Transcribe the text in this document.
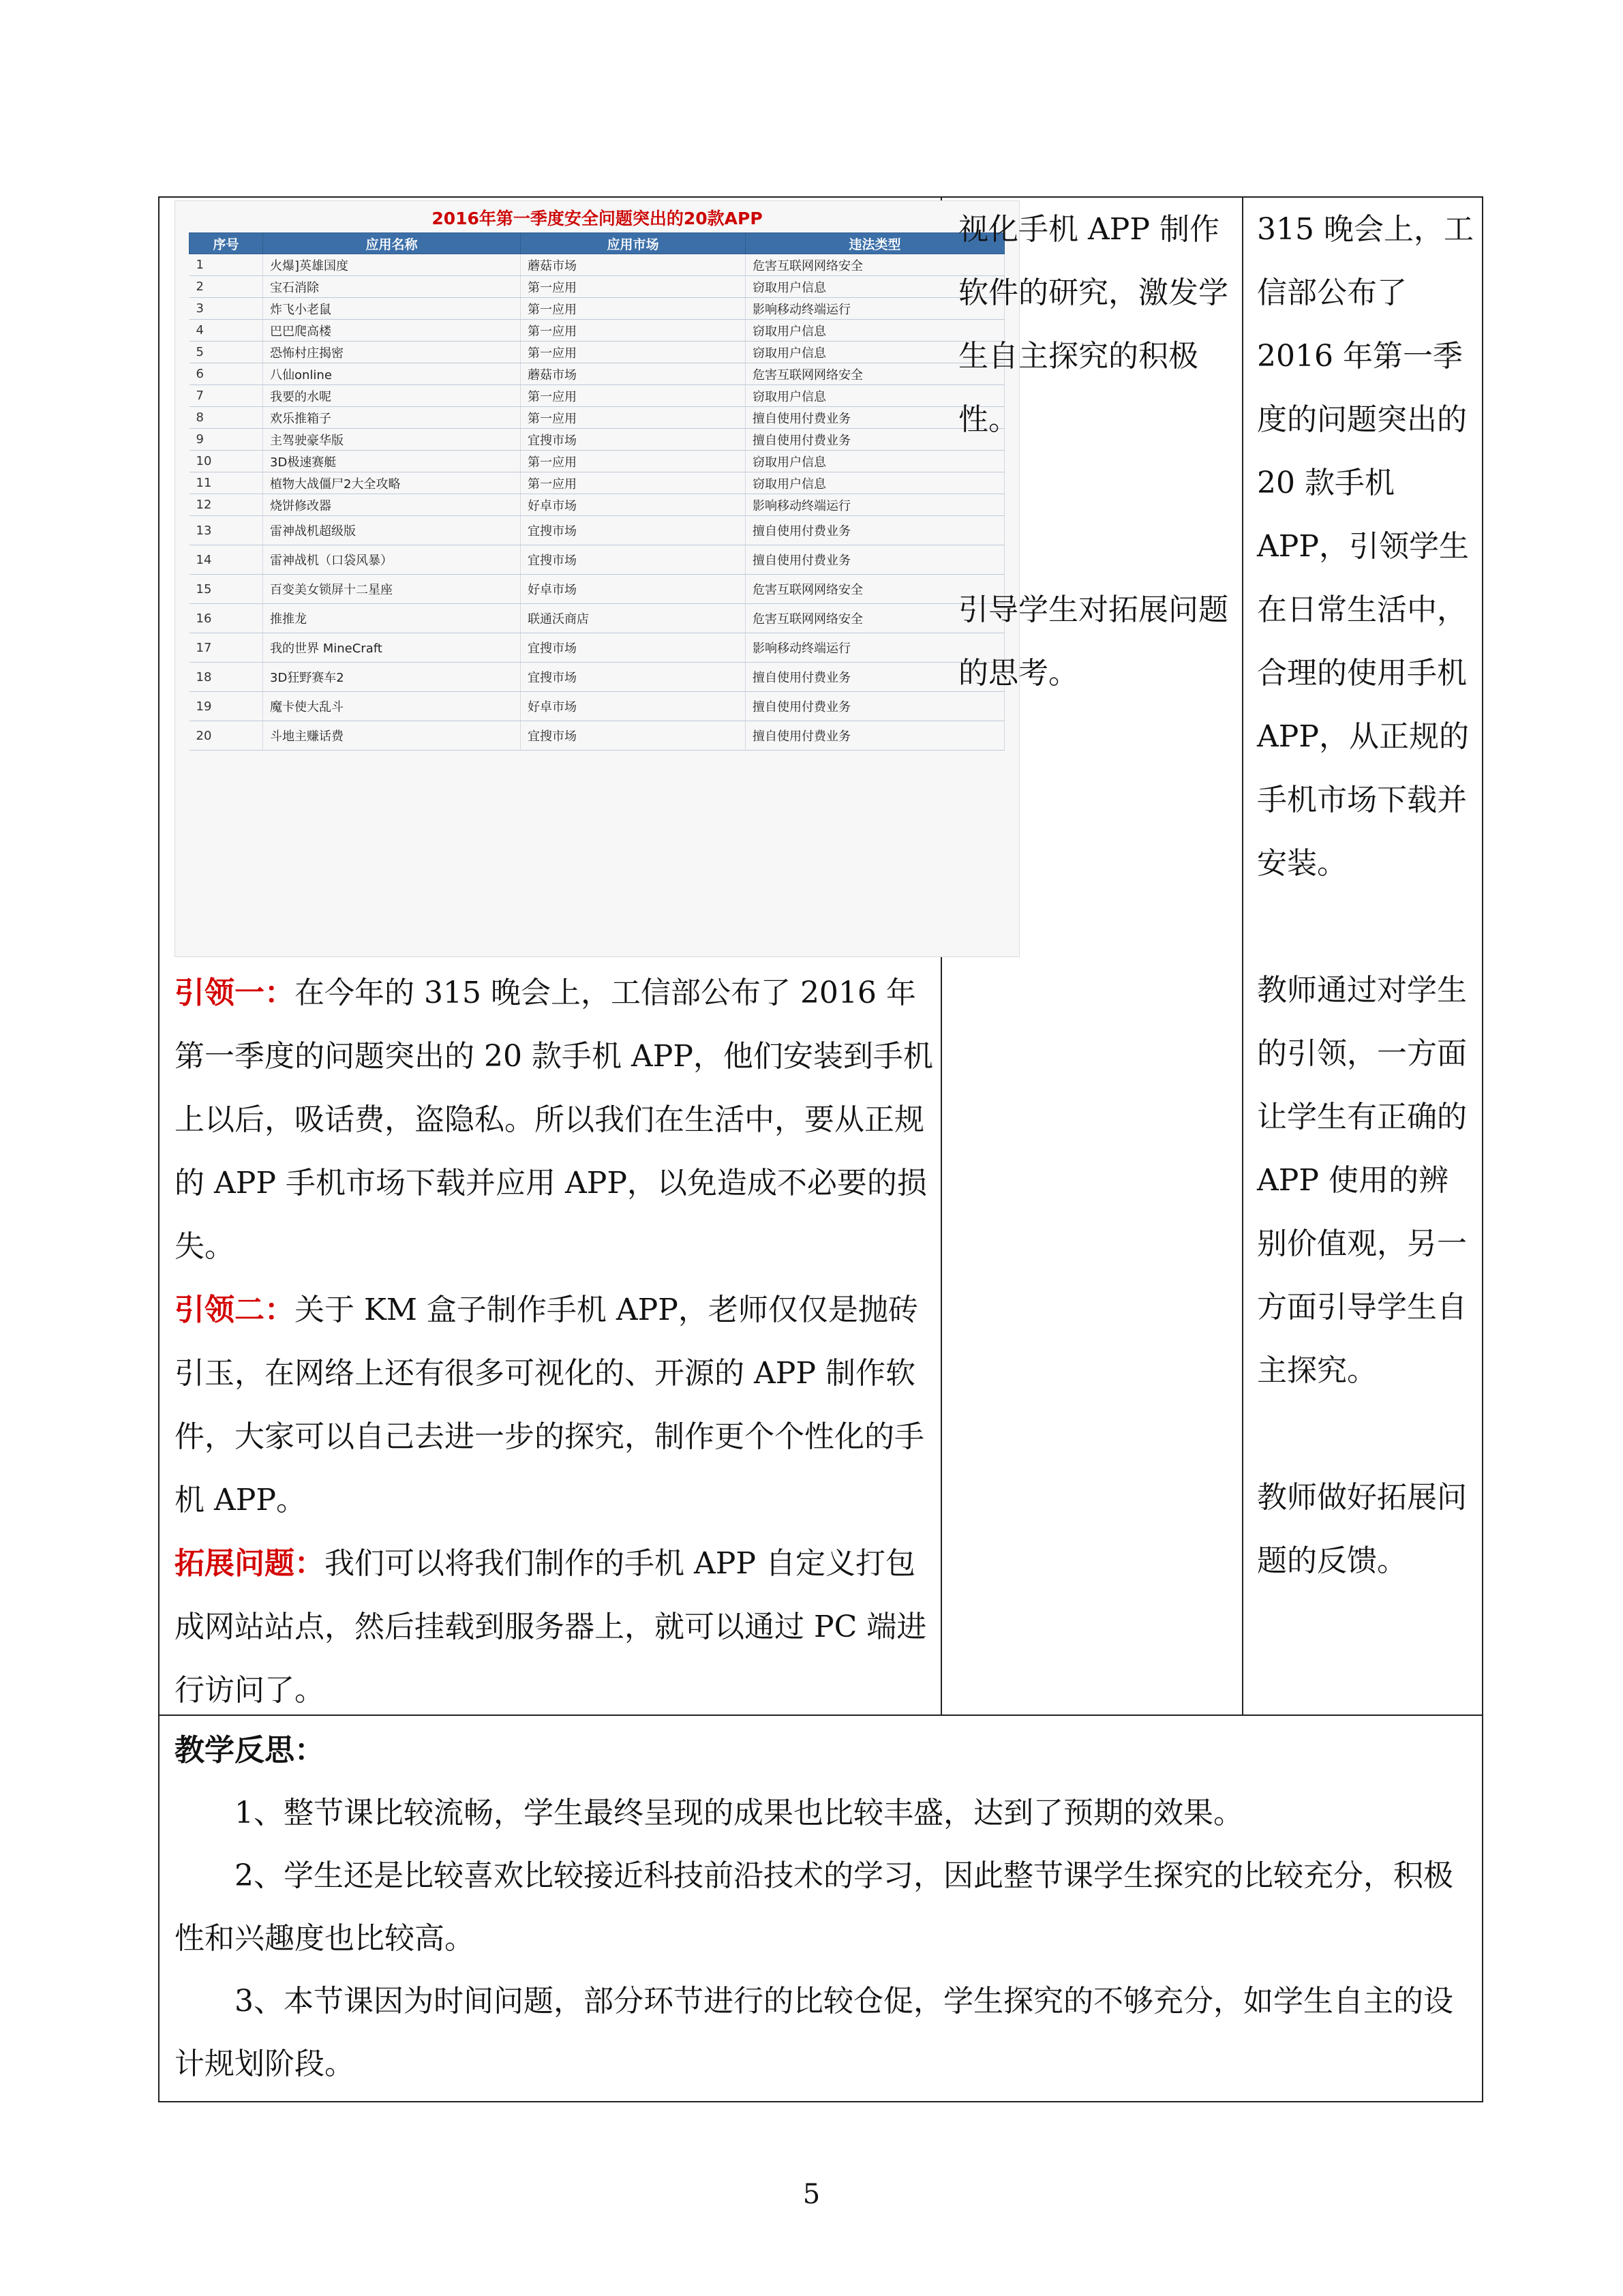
2016年第一季度安全问题突出的20款APP
序号	应用名称	应用市场	违法类型
1	火爆]英雄国度	蘑菇市场	危害互联网网络安全
2	宝石消除	第一应用	窃取用户信息
3	炸飞小老鼠	第一应用	影响移动终端运行
4	巴巴爬高楼	第一应用	窃取用户信息
5	恐怖村庄揭密	第一应用	窃取用户信息
6	八仙online	蘑菇市场	危害互联网网络安全
7	我要的水呢	第一应用	窃取用户信息
8	欢乐推箱子	第一应用	擅自使用付费业务
9	主驾驶豪华版	宜搜市场	擅自使用付费业务
10	3D极速赛艇	第一应用	窃取用户信息
11	植物大战僵尸2大全攻略	第一应用	窃取用户信息
12	烧饼修改器	好卓市场	影响移动终端运行
13	雷神战机超级版	宜搜市场	擅自使用付费业务
14	雷神战机（口袋风暴）	宜搜市场	擅自使用付费业务
15	百变美女锁屏十二星座	好卓市场	危害互联网网络安全
16	推推龙	联通沃商店	危害互联网网络安全
17	我的世界 MineCraft	宜搜市场	影响移动终端运行
18	3D狂野赛车2	宜搜市场	擅自使用付费业务
19	魔卡使大乱斗	好卓市场	擅自使用付费业务
20	斗地主赚话费	宜搜市场	擅自使用付费业务

引领一：在今年的 315 晚会上，工信部公布了 2016 年第一季度的问题突出的 20 款手机 APP，他们安装到手机上以后，吸话费，盗隐私。所以我们在生活中，要从正规的 APP 手机市场下载并应用 APP，以免造成不必要的损失。

引领二：关于 KM 盒子制作手机 APP，老师仅仅是抛砖引玉，在网络上还有很多可视化的、开源的 APP 制作软件，大家可以自己去进一步的探究，制作更个个性化的手机 APP。

拓展问题：我们可以将我们制作的手机 APP 自定义打包成网站站点，然后挂载到服务器上，就可以通过 PC 端进行访问了。

视化手机 APP 制作软件的研究，激发学生自主探究的积极性。

引导学生对拓展问题的思考。

315 晚会上，工信部公布了 2016 年第一季度的问题突出的 20 款手机 APP，引领学生在日常生活中，合理的使用手机 APP，从正规的手机市场下载并安装。

教师通过对学生的引领，一方面让学生有正确的 APP 使用的辨别价值观，另一方面引导学生自主探究。

教师做好拓展问题的反馈。

教学反思：

1、整节课比较流畅，学生最终呈现的成果也比较丰盛，达到了预期的效果。

2、学生还是比较喜欢比较接近科技前沿技术的学习，因此整节课学生探究的比较充分，积极性和兴趣度也比较高。

3、本节课因为时间问题，部分环节进行的比较仓促，学生探究的不够充分，如学生自主的设计规划阶段。

5
